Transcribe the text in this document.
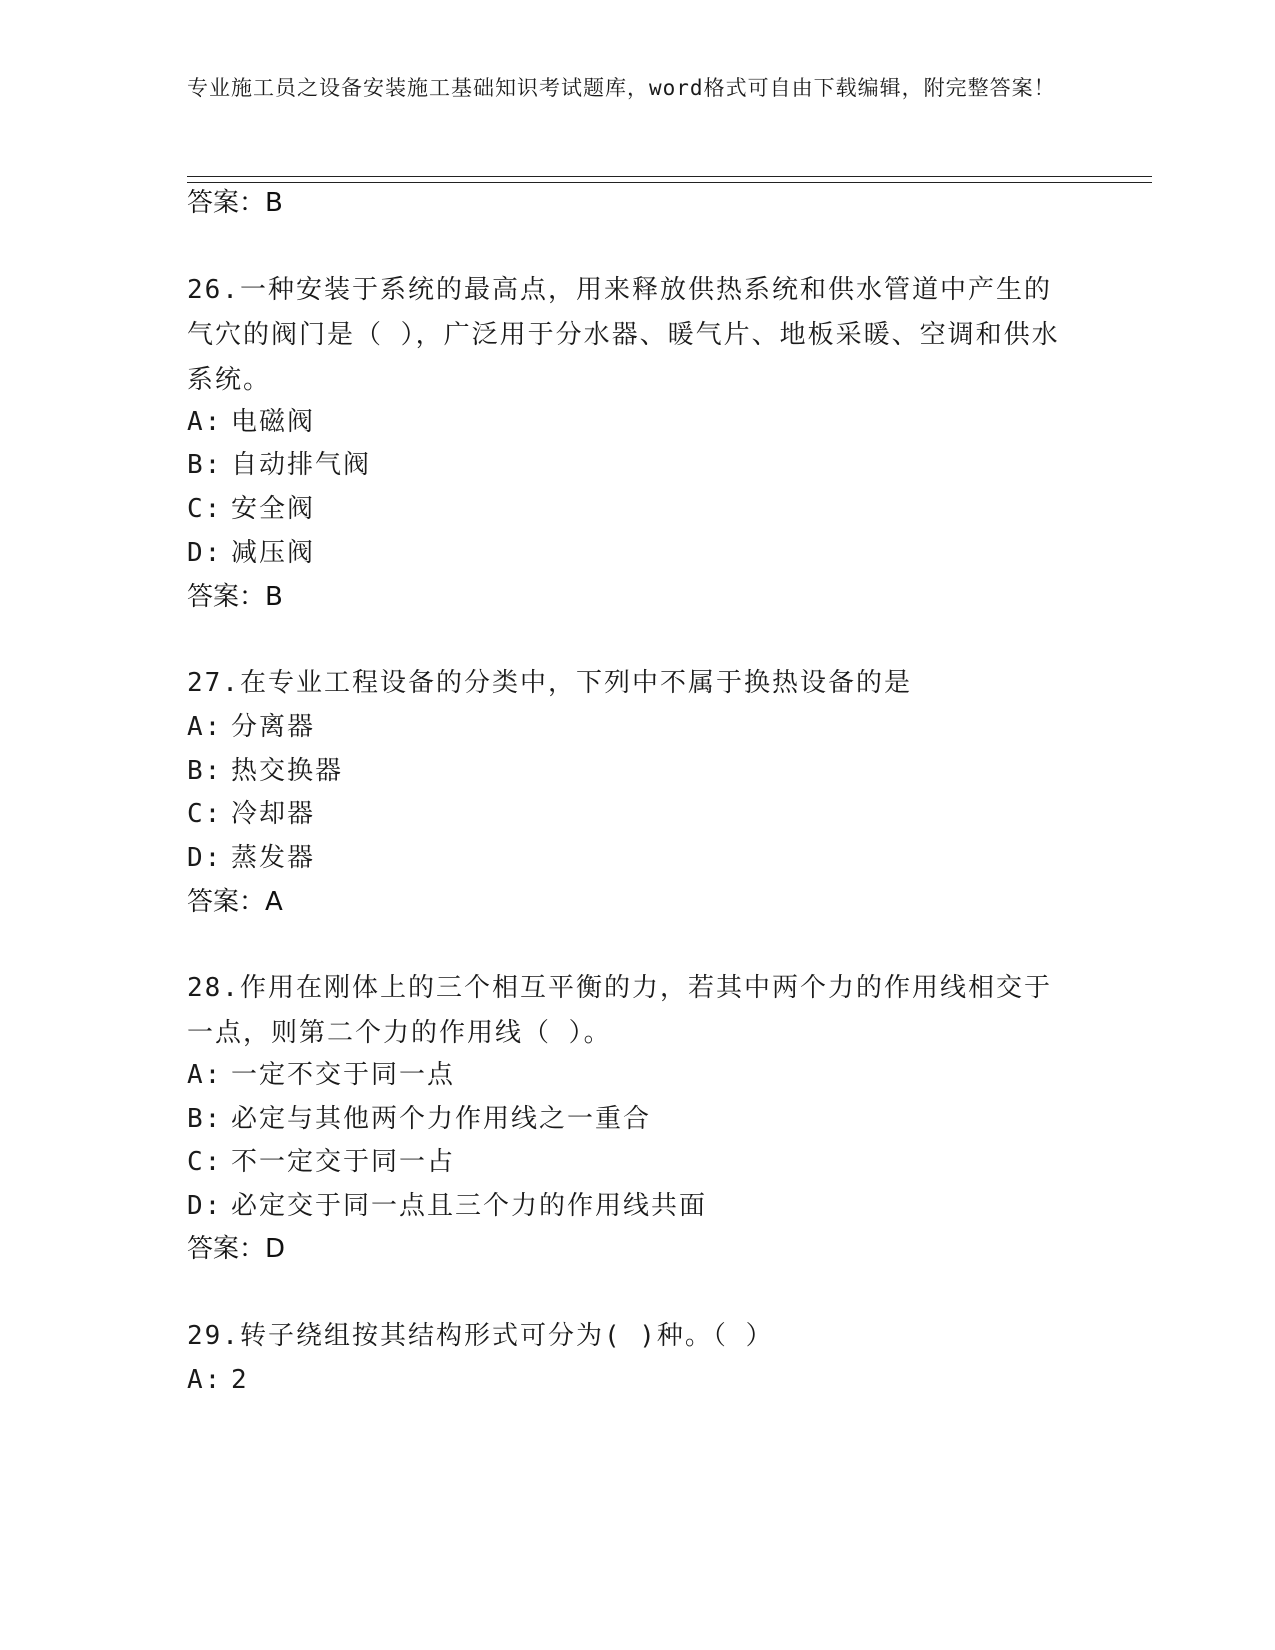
专业施工员之设备安装施工基础知识考试题库，word格式可自由下载编辑，附完整答案！
答案：B
26.一种安装于系统的最高点，用来释放供热系统和供水管道中产生的气穴的阀门是（ ），广泛用于分水器、暖气片、地板采暖、空调和供水系统。
A: 电磁阀
B: 自动排气阀
C: 安全阀
D: 减压阀
答案：B
27.在专业工程设备的分类中，下列中不属于换热设备的是
A: 分离器
B: 热交换器
C: 冷却器
D: 蒸发器
答案：A
28.作用在刚体上的三个相互平衡的力，若其中两个力的作用线相交于一点，则第二个力的作用线（ ）。
A: 一定不交于同一点
B: 必定与其他两个力作用线之一重合
C: 不一定交于同一占
D: 必定交于同一点且三个力的作用线共面
答案：D
29.转子绕组按其结构形式可分为( )种。（ ）
A: 2
